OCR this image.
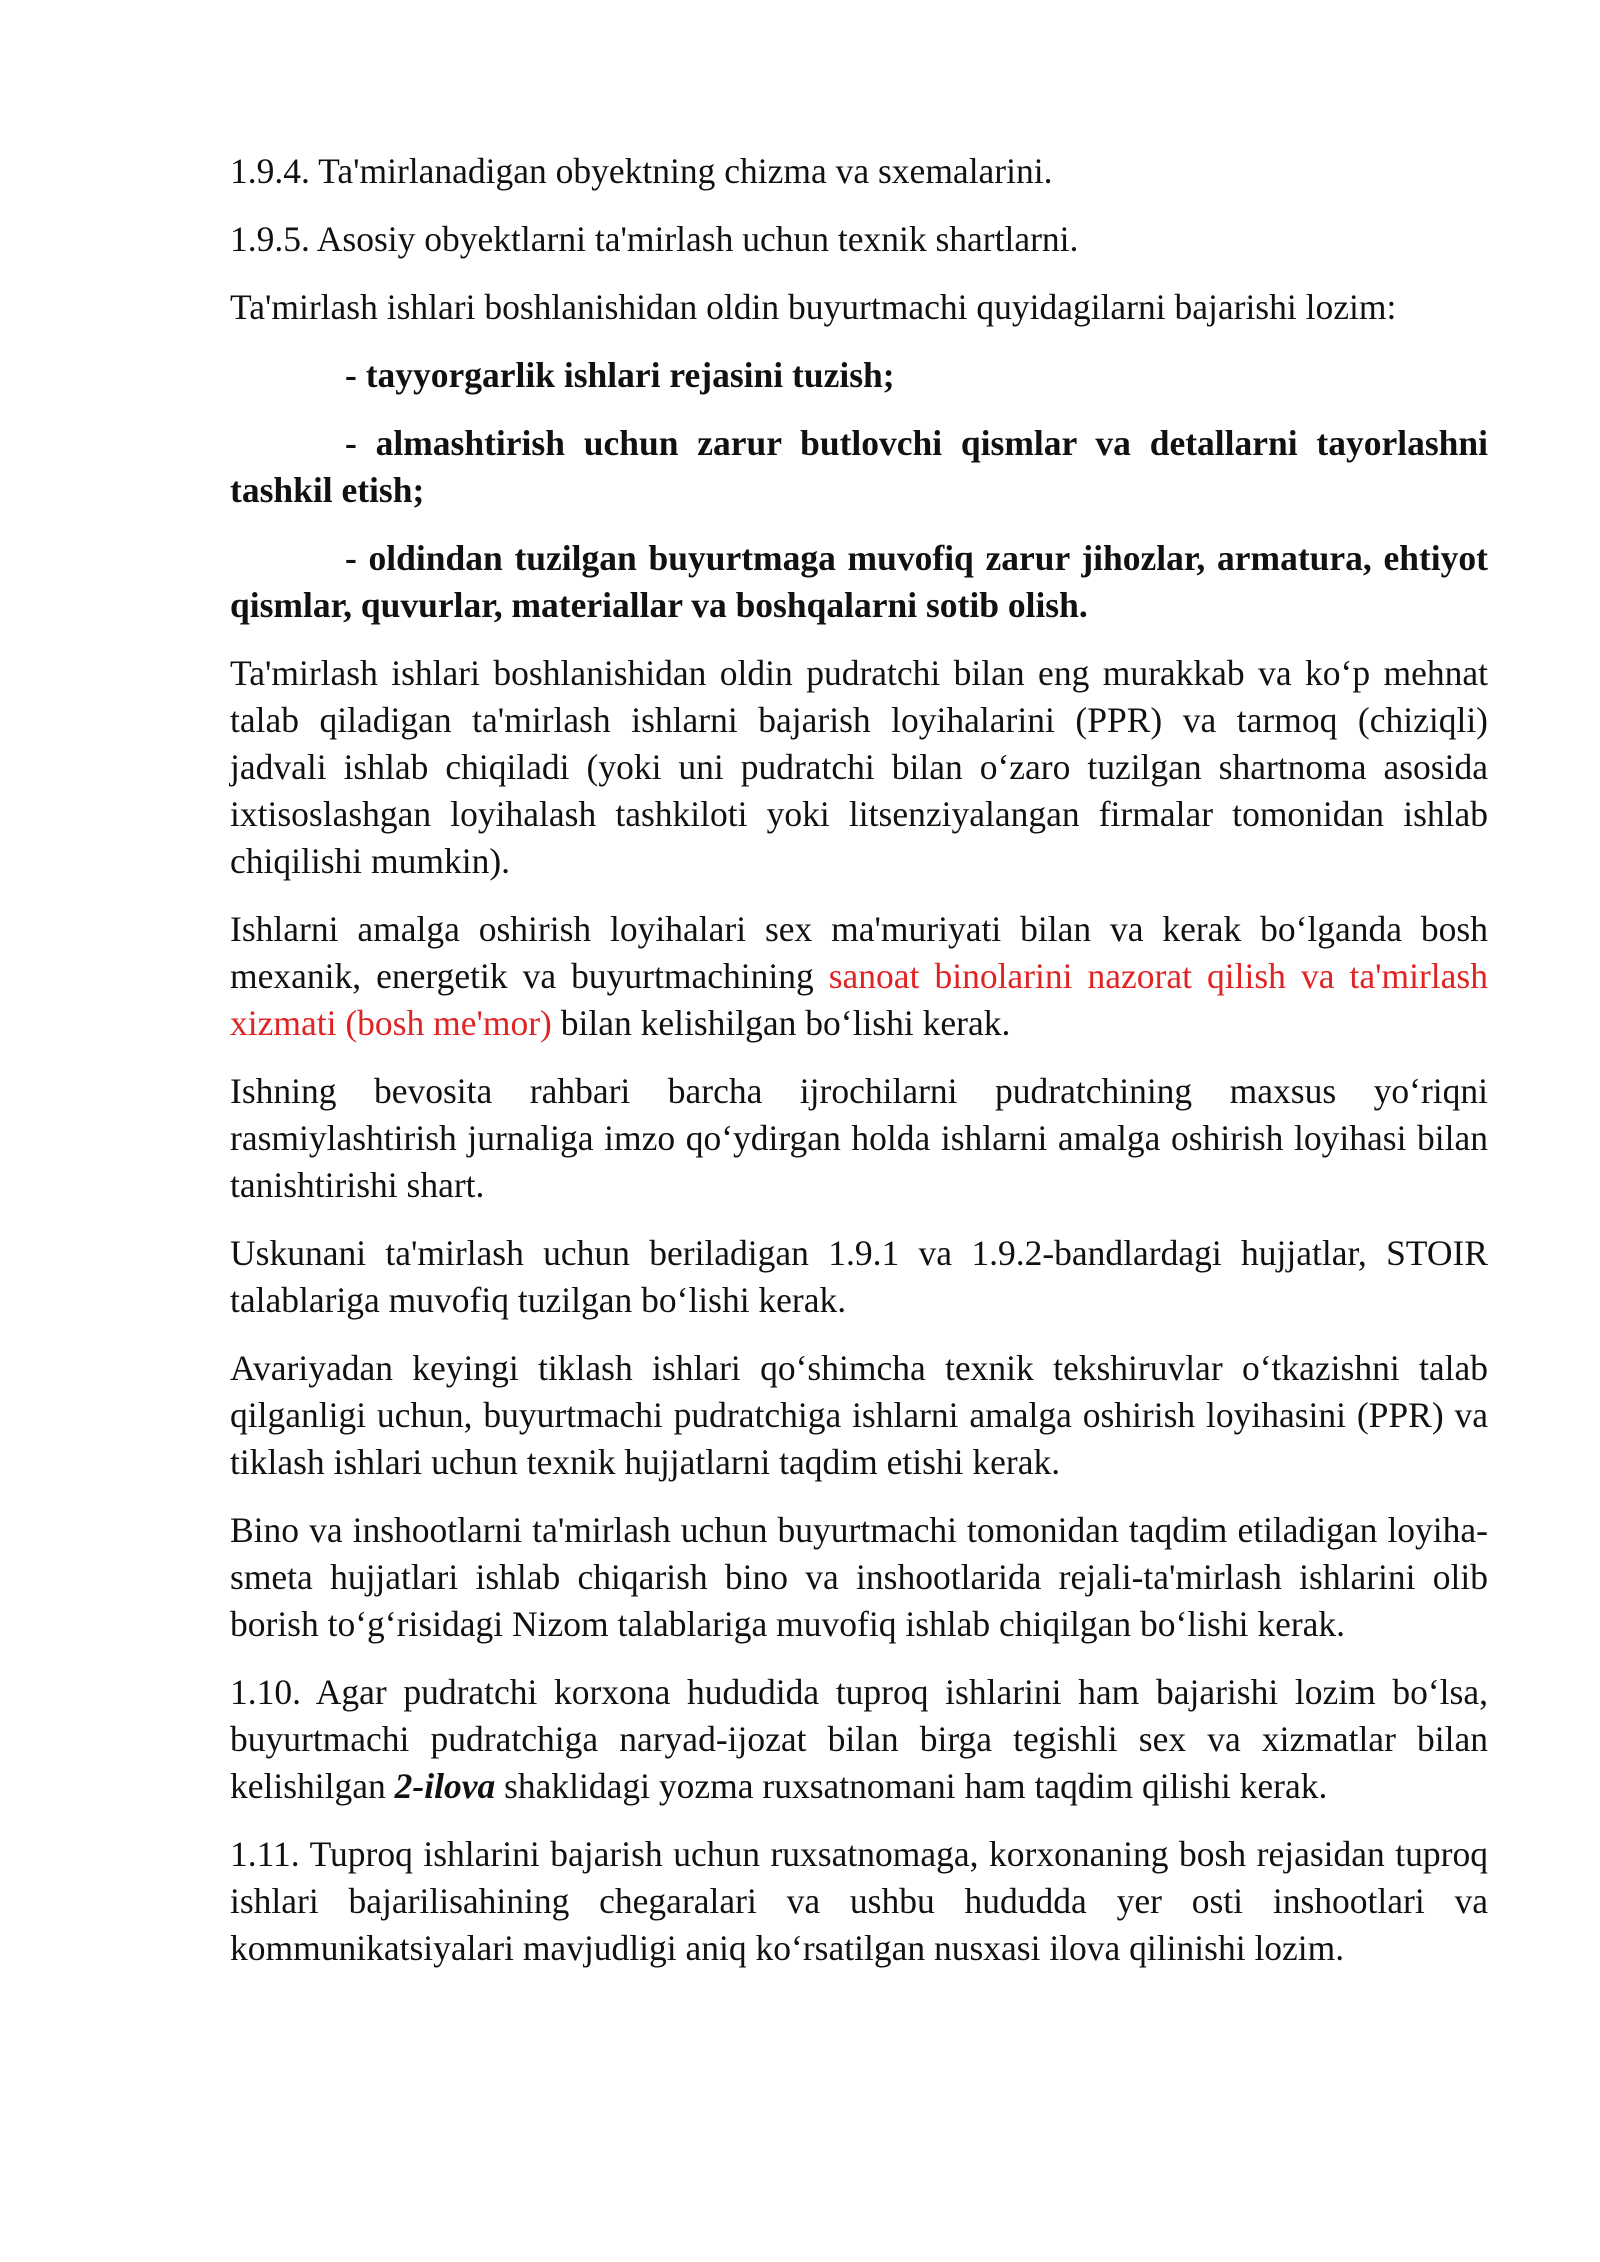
1.9.4. Ta'mirlanadigan obyektning chizma va sxemalarini.

1.9.5. Asosiy obyektlarni ta'mirlash uchun texnik shartlarni.

Ta'mirlash ishlari boshlanishidan oldin buyurtmachi quyidagilarni bajarishi lozim:

- tayyorgarlik ishlari rejasini tuzish;

- almashtirish uchun zarur butlovchi qismlar va detallarni tayorlashni tashkil etish;

- oldindan tuzilgan buyurtmaga muvofiq zarur jihozlar, armatura, ehtiyot qismlar, quvurlar, materiallar va boshqalarni sotib olish.

Ta'mirlash ishlari boshlanishidan oldin pudratchi bilan eng murakkab va ko‘p mehnat talab qiladigan ta'mirlash ishlarni bajarish loyihalarini (PPR) va tarmoq (chiziqli) jadvali ishlab chiqiladi (yoki uni pudratchi bilan o‘zaro tuzilgan shartnoma asosida ixtisoslashgan loyihalash tashkiloti yoki litsenziyalangan firmalar tomonidan ishlab chiqilishi mumkin).

Ishlarni amalga oshirish loyihalari sex ma'muriyati bilan va kerak bo‘lganda bosh mexanik, energetik va buyurtmachining sanoat binolarini nazorat qilish va ta'mirlash xizmati (bosh me'mor) bilan kelishilgan bo‘lishi kerak.

Ishning bevosita rahbari barcha ijrochilarni pudratchining maxsus yo‘riqni rasmiylashtirish jurnaliga imzo qo‘ydirgan holda ishlarni amalga oshirish loyihasi bilan tanishtirishi shart.

Uskunani ta'mirlash uchun beriladigan 1.9.1 va 1.9.2-bandlardagi hujjatlar, STOIR talablariga muvofiq tuzilgan bo‘lishi kerak.

Avariyadan keyingi tiklash ishlari qo‘shimcha texnik tekshiruvlar o‘tkazishni talab qilganligi uchun, buyurtmachi pudratchiga ishlarni amalga oshirish loyihasini (PPR) va tiklash ishlari uchun texnik hujjatlarni taqdim etishi kerak.

Bino va inshootlarni ta'mirlash uchun buyurtmachi tomonidan taqdim etiladigan loyiha-smeta hujjatlari ishlab chiqarish bino va inshootlarida rejali-ta'mirlash ishlarini olib borish to‘g‘risidagi Nizom talablariga muvofiq ishlab chiqilgan bo‘lishi kerak.

1.10. Agar pudratchi korxona hududida tuproq ishlarini ham bajarishi lozim bo‘lsa, buyurtmachi pudratchiga naryad-ijozat bilan birga tegishli sex va xizmatlar bilan kelishilgan 2-ilova shaklidagi yozma ruxsatnomani ham taqdim qilishi kerak.

1.11. Tuproq ishlarini bajarish uchun ruxsatnomaga, korxonaning bosh rejasidan tuproq ishlari bajarilisahining chegaralari va ushbu hududda yer osti inshootlari va kommunikatsiyalari mavjudligi aniq ko‘rsatilgan nusxasi ilova qilinishi lozim.
